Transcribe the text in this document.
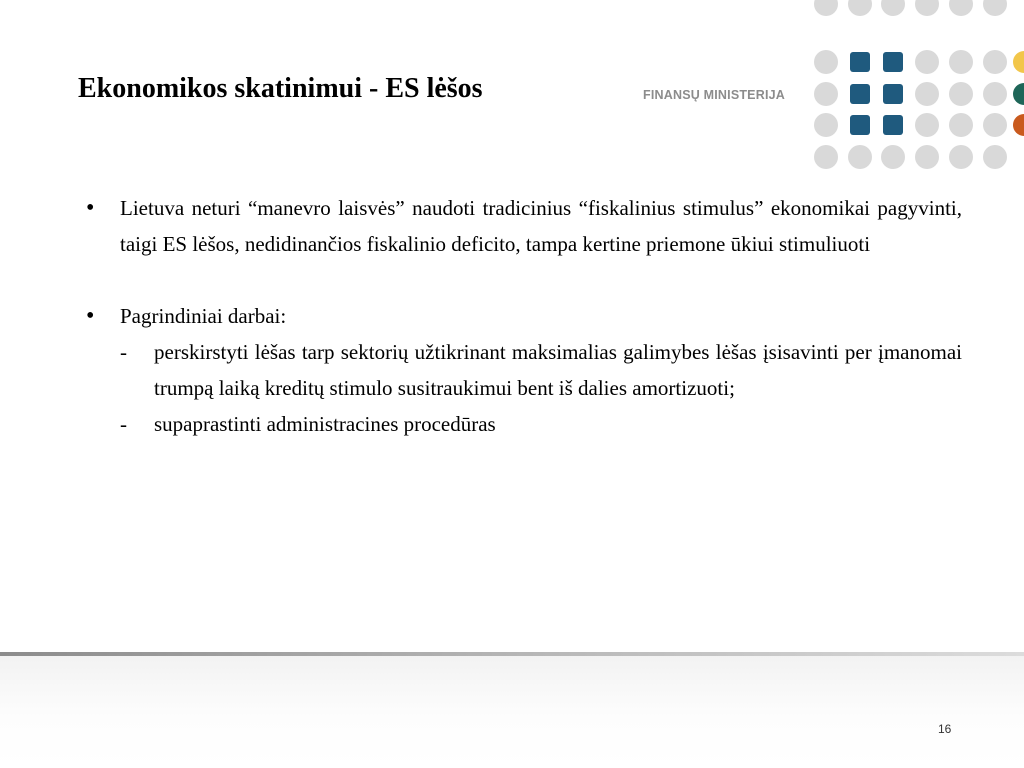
Ekonomikos skatinimui - ES lėšos	FINANSŲ MINISTERIJA
• Lietuva neturi “manevro laisvės” naudoti tradicinius “fiskalinius stimulus” ekonomikai pagyvinti, taigi ES lėšos, nedidinančios fiskalinio deficito, tampa kertine priemone ūkiui stimuliuoti
• Pagrindiniai darbai:
- perskirstyti lėšas tarp sektorių užtikrinant maksimalias galimybes lėšas įsisavinti per įmanomai trumpą laiką kreditų stimulo susitraukimui bent iš dalies amortizuoti;
- supaprastinti administracines procedūras
16
